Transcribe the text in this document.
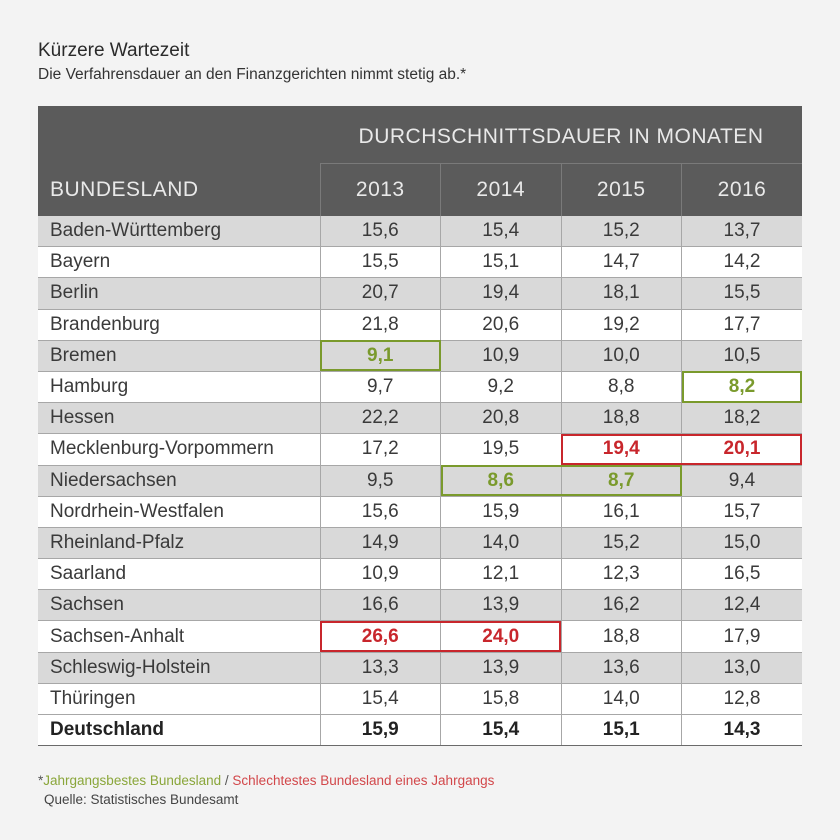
Kürzere Wartezeit
Die Verfahrensdauer an den Finanzgerichten nimmt stetig ab.*
BUNDESLAND	DURCHSCHNITTSDAUER IN MONATEN			
	2013	2014	2015	2016
Baden-Württemberg	15,6	15,4	15,2	13,7
Bayern	15,5	15,1	14,7	14,2
Berlin	20,7	19,4	18,1	15,5
Brandenburg	21,8	20,6	19,2	17,7
Bremen	9,1	10,9	10,0	10,5
Hamburg	9,7	9,2	8,8	8,2
Hessen	22,2	20,8	18,8	18,2
Mecklenburg-Vorpommern	17,2	19,5	19,4	20,1
Niedersachsen	9,5	8,6	8,7	9,4
Nordrhein-Westfalen	15,6	15,9	16,1	15,7
Rheinland-Pfalz	14,9	14,0	15,2	15,0
Saarland	10,9	12,1	12,3	16,5
Sachsen	16,6	13,9	16,2	12,4
Sachsen-Anhalt	26,6	24,0	18,8	17,9
Schleswig-Holstein	13,3	13,9	13,6	13,0
Thüringen	15,4	15,8	14,0	12,8
Deutschland	15,9	15,4	15,1	14,3
*Jahrgangsbestes Bundesland / Schlechtestes Bundesland eines Jahrgangs
Quelle: Statistisches Bundesamt
